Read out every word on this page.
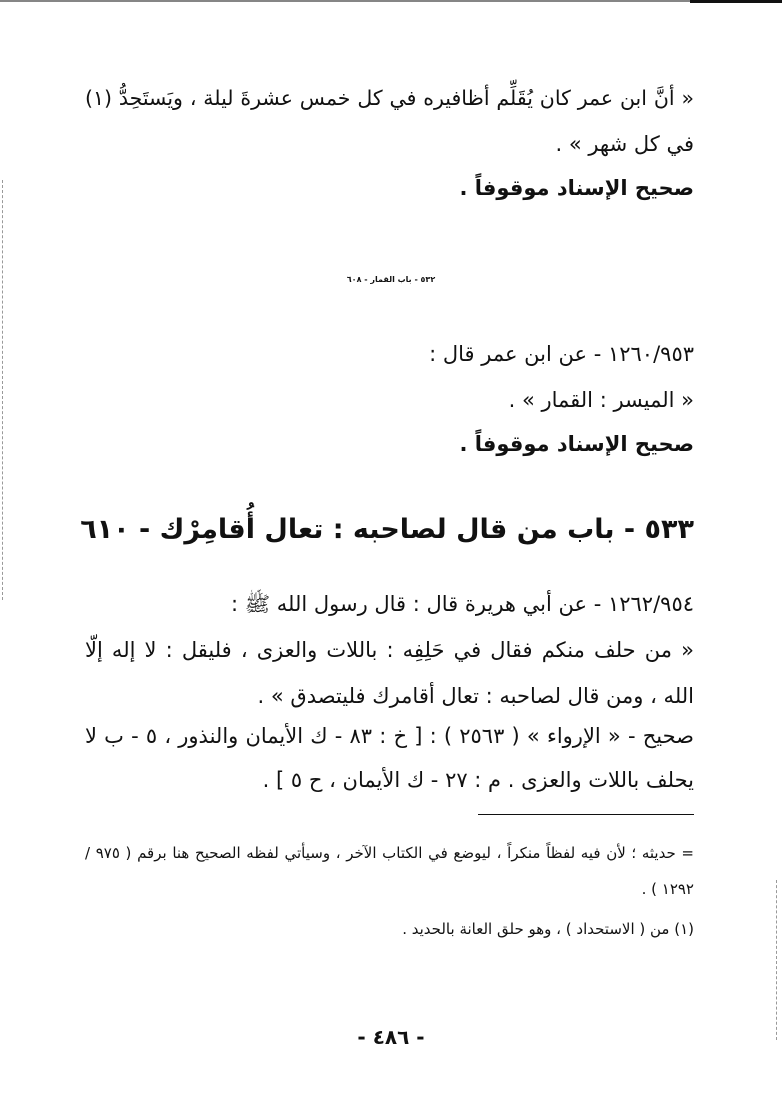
« أنَّ ابن عمر كان يُقَلِّم أظافيره في كل خمس عشرةَ ليلة ، ويَستَحِدُّ (١)
في كل شهر » .
صحيح الإسناد موقوفاً .
٥٣٢ - باب القمار - ٦٠٨
١٢٦٠/٩٥٣ - عن ابن عمر قال :
« الميسر : القمار » .
صحيح الإسناد موقوفاً .
٥٣٣ - باب من قال لصاحبه : تعال أُقامِرْك - ٦١٠
١٢٦٢/٩٥٤ - عن أبي هريرة قال : قال رسول الله ﷺ :
« من حلف منكم فقال في حَلِفِه : باللات والعزى ، فليقل : لا إله إلّا
الله ، ومن قال لصاحبه : تعال أقامرك فليتصدق » .
صحيح - « الإرواء » ( ٢٥٦٣ ) : [ خ : ٨٣ - ك الأيمان والنذور ، ٥ - ب لا
يحلف باللات والعزى . م : ٢٧ - ك الأيمان ، ح ٥ ] .
= حديثه ؛ لأن فيه لفظاً منكراً ، ليوضع في الكتاب الآخر ، وسيأتي لفظه الصحيح هنا برقم ( ٩٧٥ /
١٢٩٢ ) .
(١) من ( الاستحداد ) ، وهو حلق العانة بالحديد .
- ٤٨٦ -
